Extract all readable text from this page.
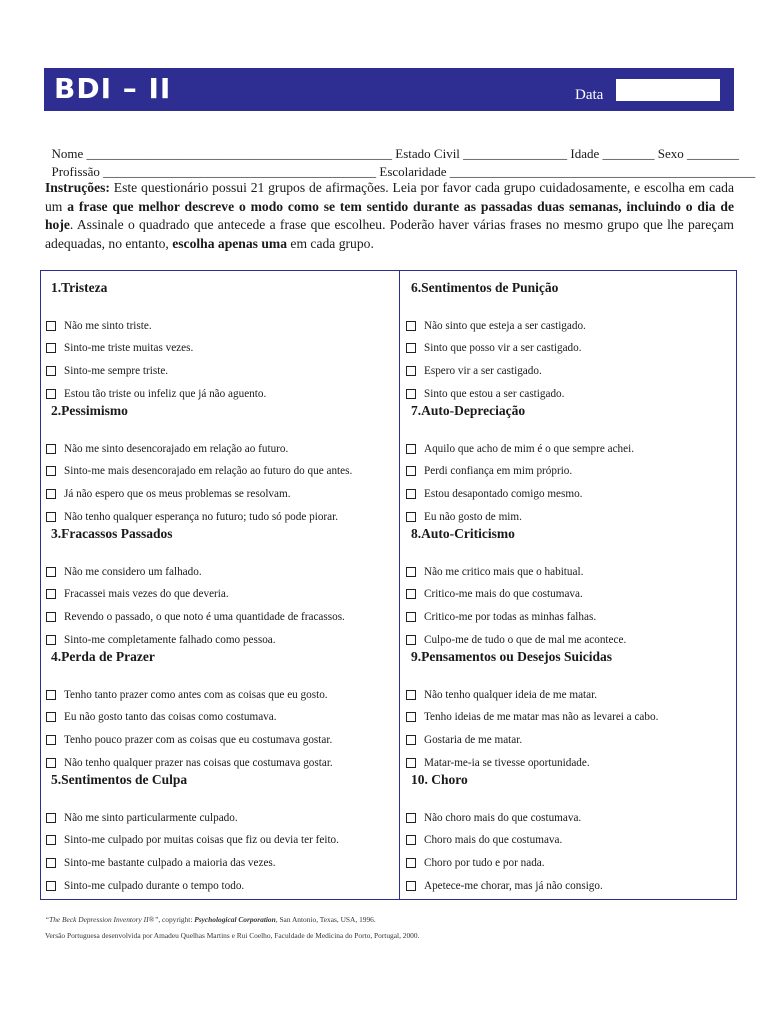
BDI – II	Data

Nome _______________________________________________ Estado Civil ________________ Idade ________ Sexo ________

Profissão __________________________________________ Escolaridade _______________________________________________

Instruções: Este questionário possui 21 grupos de afirmações. Leia por favor cada grupo cuidadosamente, e escolha em cada um a frase que melhor descreve o modo como se tem sentido durante as passadas duas semanas, incluindo o dia de hoje. Assinale o quadrado que antecede a frase que escolheu. Poderão haver várias frases no mesmo grupo que lhe pareçam adequadas, no entanto, escolha apenas uma em cada grupo.
1.Tristeza
Não me sinto triste.
Sinto-me triste muitas vezes.
Sinto-me sempre triste.
Estou tão triste ou infeliz que já não aguento.
2.Pessimismo
Não me sinto desencorajado em relação ao futuro.
Sinto-me mais desencorajado em relação ao futuro do que antes.
Já não espero que os meus problemas se resolvam.
Não tenho qualquer esperança no futuro; tudo só pode piorar.
3.Fracassos Passados
Não me considero um falhado.
Fracassei mais vezes do que deveria.
Revendo o passado, o que noto é uma quantidade de fracassos.
Sinto-me completamente falhado como pessoa.
4.Perda de Prazer
Tenho tanto prazer como antes com as coisas que eu gosto.
Eu não gosto tanto das coisas como costumava.
Tenho pouco prazer com as coisas que eu costumava gostar.
Não tenho qualquer prazer nas coisas que costumava gostar.
5.Sentimentos de Culpa
Não me sinto particularmente culpado.
Sinto-me culpado por muitas coisas que fiz ou devia ter feito.
Sinto-me bastante culpado a maioria das vezes.
Sinto-me culpado durante o tempo todo.
6.Sentimentos de Punição
Não sinto que esteja a ser castigado.
Sinto que posso vir a ser castigado.
Espero vir a ser castigado.
Sinto que estou a ser castigado.
7.Auto-Depreciação
Aquilo que acho de mim é o que sempre achei.
Perdi confiança em mim próprio.
Estou desapontado comigo mesmo.
Eu não gosto de mim.
8.Auto-Criticismo
Não me critico mais que o habitual.
Critico-me mais do que costumava.
Critico-me por todas as minhas falhas.
Culpo-me de tudo o que de mal me acontece.
9.Pensamentos ou Desejos Suicidas
Não tenho qualquer ideia de me matar.
Tenho ideias de me matar mas não as levarei a cabo.
Gostaria de me matar.
Matar-me-ia se tivesse oportunidade.
10. Choro
Não choro mais do que costumava.
Choro mais do que costumava.
Choro por tudo e por nada.
Apetece-me chorar, mas já não consigo.
“The Beck Depression Inventory II®”, copyright: Psychological Corporation, San Antonio, Texas, USA, 1996.
Versão Portuguesa desenvolvida por Amadeu Quelhas Martins e Rui Coelho, Faculdade de Medicina do Porto, Portugal, 2000.
